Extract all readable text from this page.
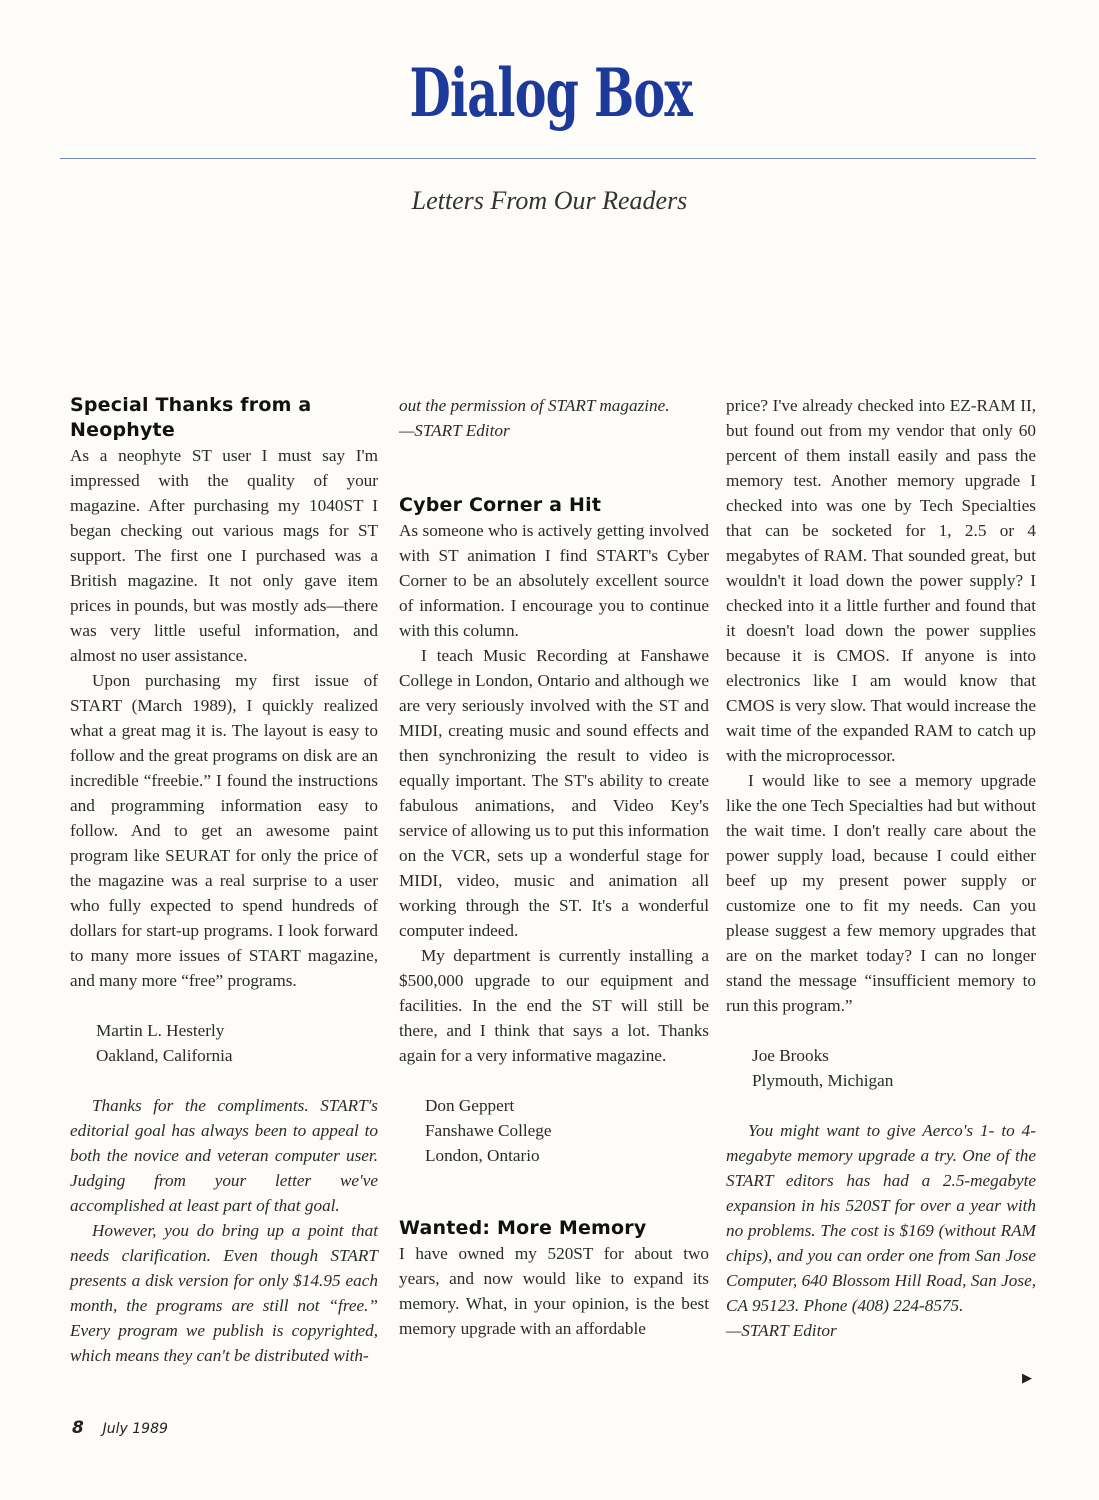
Dialog Box
Letters From Our Readers
Special Thanks from a Neophyte

As a neophyte ST user I must say I'm impressed with the quality of your magazine. After purchasing my 1040ST I began checking out various mags for ST support. The first one I purchased was a British magazine. It not only gave item prices in pounds, but was mostly ads—there was very little useful information, and almost no user assistance.

Upon purchasing my first issue of START (March 1989), I quickly realized what a great mag it is. The layout is easy to follow and the great programs on disk are an incredible “freebie.” I found the instructions and programming information easy to follow. And to get an awesome paint program like SEURAT for only the price of the magazine was a real surprise to a user who fully expected to spend hundreds of dollars for start-up programs. I look forward to many more issues of START magazine, and many more “free” programs.

Martin L. Hesterly
Oakland, California

Thanks for the compliments. START's editorial goal has always been to appeal to both the novice and veteran computer user. Judging from your letter we've accomplished at least part of that goal.

However, you do bring up a point that needs clarification. Even though START presents a disk version for only $14.95 each month, the programs are still not “free.” Every program we publish is copyrighted, which means they can't be distributed with-

out the permission of START magazine.

—START Editor

Cyber Corner a Hit

As someone who is actively getting involved with ST animation I find START's Cyber Corner to be an absolutely excellent source of information. I encourage you to continue with this column.

I teach Music Recording at Fanshawe College in London, Ontario and although we are very seriously involved with the ST and MIDI, creating music and sound effects and then synchronizing the result to video is equally important. The ST's ability to create fabulous animations, and Video Key's service of allowing us to put this information on the VCR, sets up a wonderful stage for MIDI, video, music and animation all working through the ST. It's a wonderful computer indeed.

My department is currently installing a $500,000 upgrade to our equipment and facilities. In the end the ST will still be there, and I think that says a lot. Thanks again for a very informative magazine.

Don Geppert
Fanshawe College
London, Ontario
Wanted: More Memory

I have owned my 520ST for about two years, and now would like to expand its memory. What, in your opinion, is the best memory upgrade with an affordable

price? I've already checked into EZ-RAM II, but found out from my vendor that only 60 percent of them install easily and pass the memory test. Another memory upgrade I checked into was one by Tech Specialties that can be socketed for 1, 2.5 or 4 megabytes of RAM. That sounded great, but wouldn't it load down the power supply? I checked into it a little further and found that it doesn't load down the power supplies because it is CMOS. If anyone is into electronics like I am would know that CMOS is very slow. That would increase the wait time of the expanded RAM to catch up with the microprocessor.

I would like to see a memory upgrade like the one Tech Specialties had but without the wait time. I don't really care about the power supply load, because I could either beef up my present power supply or customize one to fit my needs. Can you please suggest a few memory upgrades that are on the market today? I can no longer stand the message “insufficient memory to run this program.”

Joe Brooks
Plymouth, Michigan

You might want to give Aerco's 1- to 4-megabyte memory upgrade a try. One of the START editors has had a 2.5-megabyte expansion in his 520ST for over a year with no problems. The cost is $169 (without RAM chips), and you can order one from San Jose Computer, 640 Blossom Hill Road, San Jose, CA 95123. Phone (408) 224-8575.

—START Editor

▶
8 July 1989
